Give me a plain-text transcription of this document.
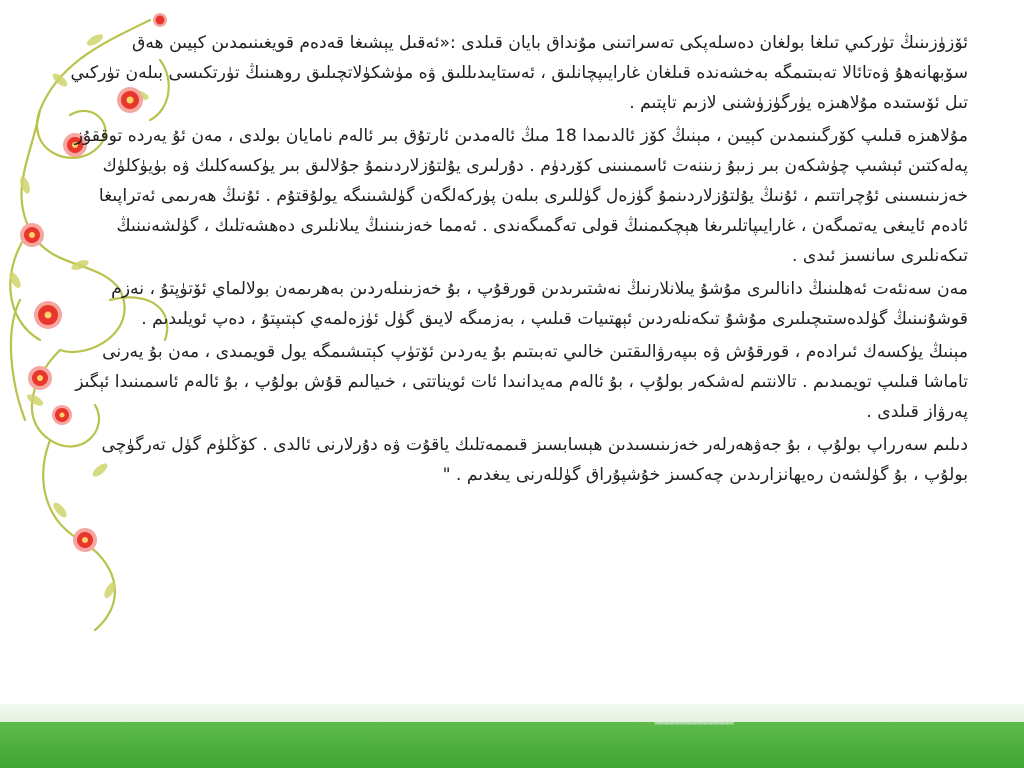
ئۆزۈزىنىڭ تۈركىي تىلغا بولغان دەسلەپكى تەسراتىنى مۇنداق بايان قىلدى :«ئەقىل يېشىغا قەدەم قويغىنىمدىن كېيىن ھەق سۆبھانەھۇ ۋەتائالا تەبىتىمگە بەخشەندە قىلغان غارايىپچانلىق ، ئەستايىدىللىق ۋە مۈشكۈلاتچىلىق روھىنىڭ تۈرتكىسى بىلەن تۈركىي تىل ئۆستىدە مۇلاھىزە يۈرگۈزۈشنى لازىم تاپتىم .

مۇلاھىزە قىلىپ كۆرگىنىمدىن كېيىن ، مېنىڭ كۆز ئالدىمدا 18 مىڭ ئالەمدىن ئارتۇق بىر ئالەم نامايان بولدى ، مەن ئۇ يەردە توققۇز پەلەكتىن ئېشىپ چۈشكەن بىر زىبۇ زىننەت ئاسمىنىنى كۆردۈم . دۇرلىرى يۇلتۇزلاردىنمۇ جۇلالىق بىر يۈكسەكلىك ۋە بۈيۈكلۈك خەزىنىسىنى ئۇچراتتىم ، ئۇنىڭ يۇلتۇزلاردىنمۇ گۈزەل گۈللىرى بىلەن پۈركەلگەن گۈلشىنىگە يولۇقتۇم . ئۇنىڭ ھەرىمى ئەتراپىغا ئادەم ئايىغى يەتمىگەن ، غارايىپاتلىرىغا ھېچكىمنىڭ قولى تەگمىگەندى . ئەمما خەزىنىنىڭ يىلانلىرى دەھشەتلىك ، گۈلشەنىنىڭ تىكەنلىرى سانسىز ئىدى .

مەن سەنئەت ئەھلىنىڭ دانالىرى مۇشۇ يىلانلارنىڭ نەشتىرىدىن قورقۇپ ، بۇ خەزىنىلەردىن بەھرىمەن بولالماي ئۆتۈپتۇ ، نەزم قوشۇنىنىڭ گۈلدەستىچىلىرى مۇشۇ تىكەنلەردىن ئېھتىيات قىلىپ ، بەزمىگە لايىق گۈل ئۈزەلمەي كېتىپتۇ ، دەپ ئويلىدىم .

مېنىڭ يۈكسەك ئىرادەم ، قورقۇش ۋە بىپەرۋالىقتىن خالىي تەبىتىم بۇ يەردىن ئۆتۈپ كېتىشىمگە يول قويمىدى ، مەن بۇ يەرنى تاماشا قىلىپ تويمىدىم . تالانتىم لەشكەر بولۇپ ، بۇ ئالەم مەيدانىدا ئات ئويناتتى ، خىيالىم قۇش بولۇپ ، بۇ ئالەم ئاسمىنىدا ئېگىز پەرۋاز قىلدى .

دىلىم سەرراپ بولۇپ ، بۇ جەۋھەرلەر خەزىنىسىدىن ھېسابسىز قىممەتلىك ياقۇت ۋە دۇرلارنى ئالدى . كۆڭلۈم گۈل تەرگۈچى بولۇپ ، بۇ گۈلشەن رەيھانزارىدىن چەكسىز خۇشپۇراق گۈللەرنى يىغدىم . "

ــــــــــــــ
